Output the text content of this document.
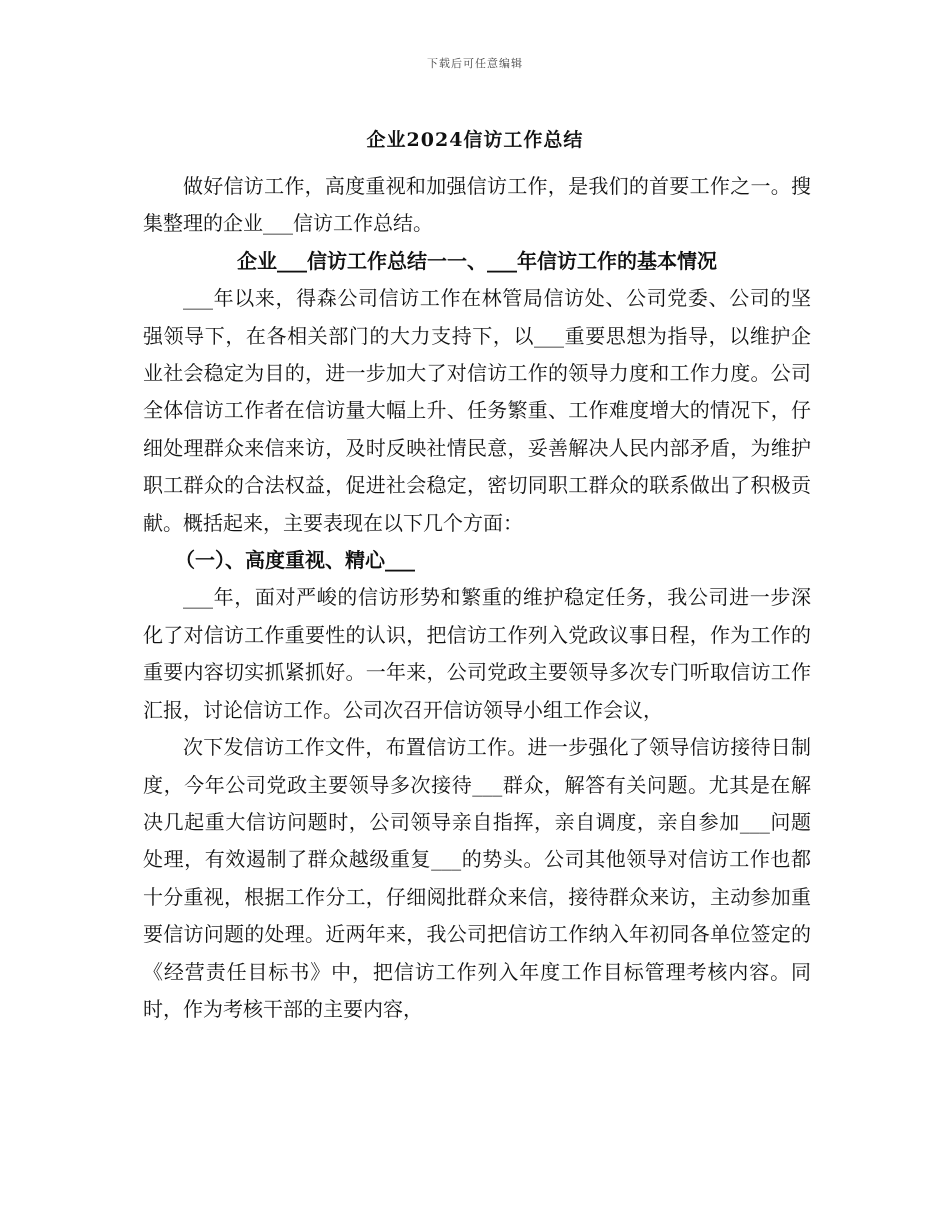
下载后可任意编辑
企业2024信访工作总结

做好信访工作，高度重视和加强信访工作，是我们的首要工作之一。搜集整理的企业___信访工作总结。

企业___信访工作总结一一、___年信访工作的基本情况

___年以来，得森公司信访工作在林管局信访处、公司党委、公司的坚强领导下，在各相关部门的大力支持下，以___重要思想为指导，以维护企业社会稳定为目的，进一步加大了对信访工作的领导力度和工作力度。公司全体信访工作者在信访量大幅上升、任务繁重、工作难度增大的情况下，仔细处理群众来信来访，及时反映社情民意，妥善解决人民内部矛盾，为维护职工群众的合法权益，促进社会稳定，密切同职工群众的联系做出了积极贡献。概括起来，主要表现在以下几个方面：

（一）、高度重视、精心___

___年，面对严峻的信访形势和繁重的维护稳定任务，我公司进一步深化了对信访工作重要性的认识，把信访工作列入党政议事日程，作为工作的重要内容切实抓紧抓好。一年来，公司党政主要领导多次专门听取信访工作汇报，讨论信访工作。公司次召开信访领导小组工作会议，

次下发信访工作文件，布置信访工作。进一步强化了领导信访接待日制度，今年公司党政主要领导多次接待___群众，解答有关问题。尤其是在解决几起重大信访问题时，公司领导亲自指挥，亲自调度，亲自参加___问题处理，有效遏制了群众越级重复___的势头。公司其他领导对信访工作也都十分重视，根据工作分工，仔细阅批群众来信，接待群众来访，主动参加重要信访问题的处理。近两年来，我公司把信访工作纳入年初同各单位签定的《经营责任目标书》中，把信访工作列入年度工作目标管理考核内容。同时，作为考核干部的主要内容，
